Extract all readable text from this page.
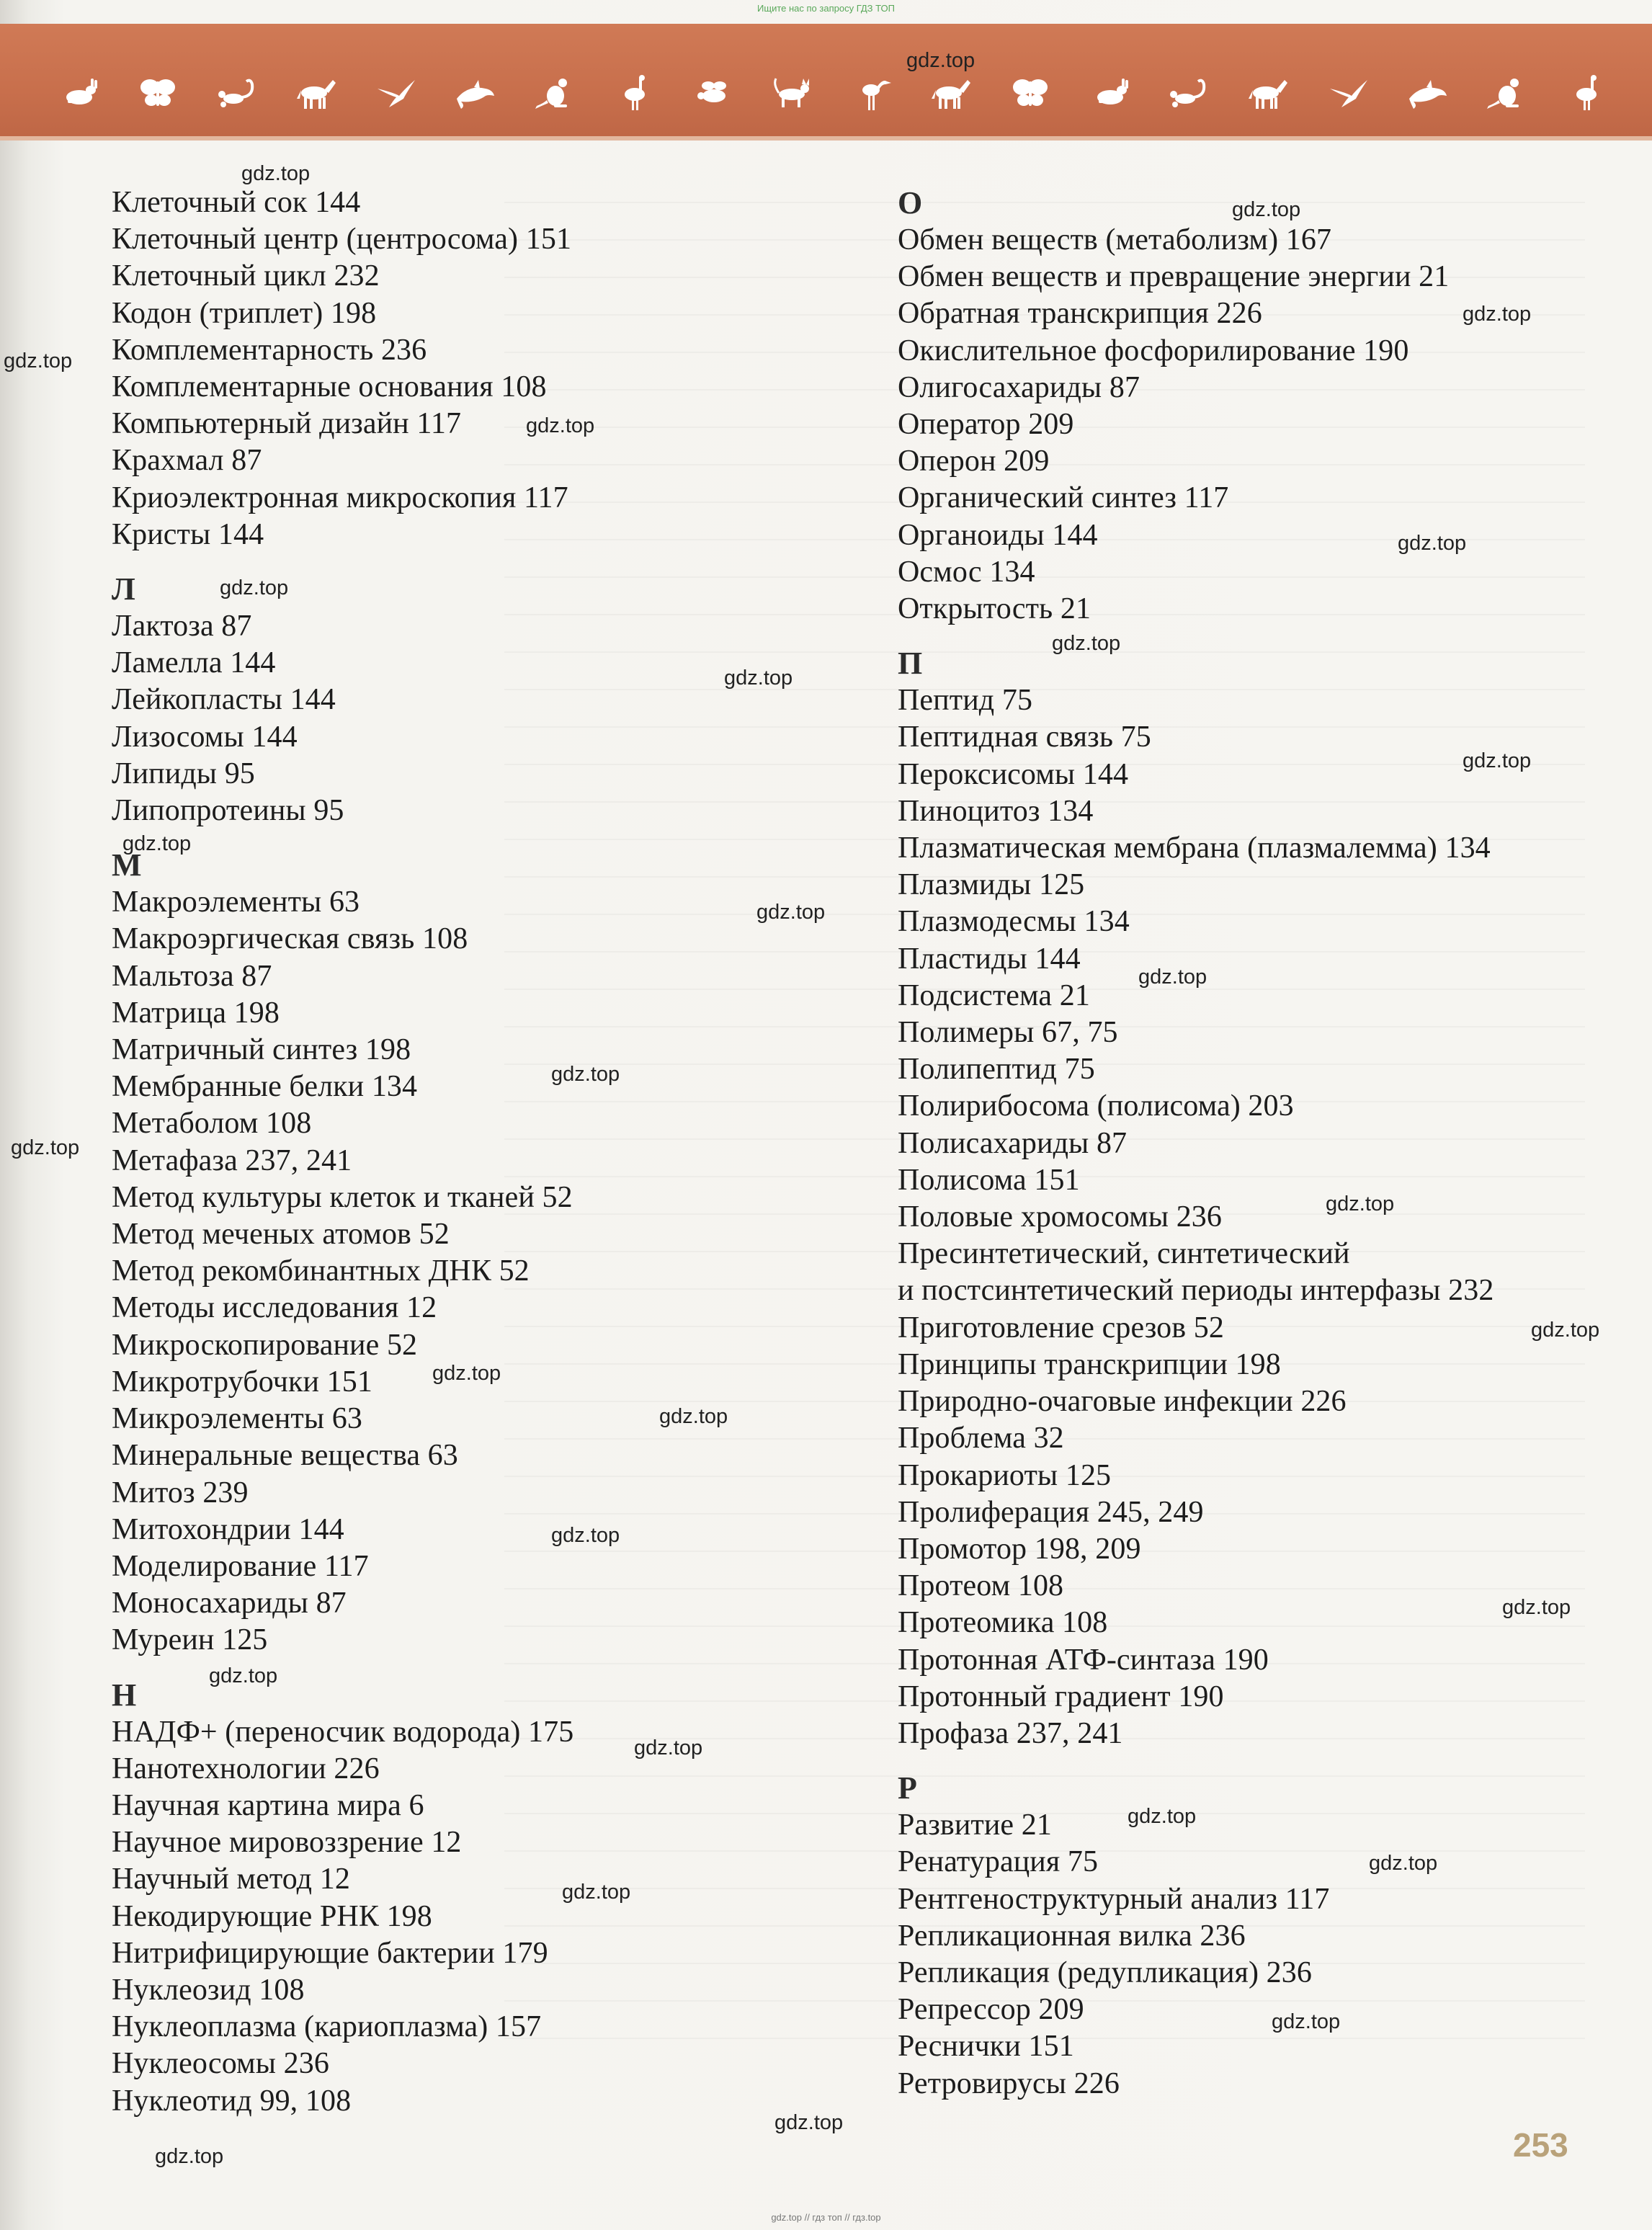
Ищите нас по запросу ГДЗ ТОП
Клеточный сок 144
Клеточный центр (центросома) 151
Клеточный цикл 232
Кодон (триплет) 198
Комплементарность 236
Комплементарные основания 108
Компьютерный дизайн 117
Крахмал 87
Криоэлектронная микроскопия 117
Кристы 144
Л
Лактоза 87
Ламелла 144
Лейкопласты 144
Лизосомы 144
Липиды 95
Липопротеины 95
М
Макроэлементы 63
Макроэргическая связь 108
Мальтоза 87
Матрица 198
Матричный синтез 198
Мембранные белки 134
Метаболом 108
Метафаза 237, 241
Метод культуры клеток и тканей 52
Метод меченых атомов 52
Метод рекомбинантных ДНК 52
Методы исследования 12
Микроскопирование 52
Микротрубочки 151
Микроэлементы 63
Минеральные вещества 63
Митоз 239
Митохондрии 144
Моделирование 117
Моносахариды 87
Муреин 125
Н
НАДФ+ (переносчик водорода) 175
Нанотехнологии 226
Научная картина мира 6
Научное мировоззрение 12
Научный метод 12
Некодирующие РНК 198
Нитрифицирующие бактерии 179
Нуклеозид 108
Нуклеоплазма (кариоплазма) 157
Нуклеосомы 236
Нуклеотид 99, 108
О
Обмен веществ (метаболизм) 167
Обмен веществ и превращение энергии 21
Обратная транскрипция 226
Окислительное фосфорилирование 190
Олигосахариды 87
Оператор 209
Оперон 209
Органический синтез 117
Органоиды 144
Осмос 134
Открытость 21
П
Пептид 75
Пептидная связь 75
Пероксисомы 144
Пиноцитоз 134
Плазматическая мембрана (плазмалемма) 134
Плазмиды 125
Плазмодесмы 134
Пластиды 144
Подсистема 21
Полимеры 67, 75
Полипептид 75
Полирибосома (полисома) 203
Полисахариды 87
Полисома 151
Половые хромосомы 236
Пресинтетический, синтетический
и постсинтетический периоды интерфазы 232
Приготовление срезов 52
Принципы транскрипции 198
Природно-очаговые инфекции 226
Проблема 32
Прокариоты 125
Пролиферация 245, 249
Промотор 198, 209
Протеом 108
Протеомика 108
Протонная АТФ-синтаза 190
Протонный градиент 190
Профаза 237, 241
Р
Развитие 21
Ренатурация 75
Рентгеноструктурный анализ 117
Репликационная вилка 236
Репликация (редупликация) 236
Репрессор 209
Реснички 151
Ретровирусы 226
gdz.top
gdz.top
gdz.top
gdz.top
gdz.top
gdz.top
gdz.top
gdz.top
gdz.top
gdz.top
gdz.top
gdz.top
gdz.top
gdz.top
gdz.top
gdz.top
gdz.top
gdz.top
gdz.top
gdz.top
gdz.top
gdz.top
gdz.top
gdz.top
gdz.top
gdz.top
gdz.top
gdz.top
gdz.top
gdz.top	253
gdz.top // гдз топ // гдз.top
